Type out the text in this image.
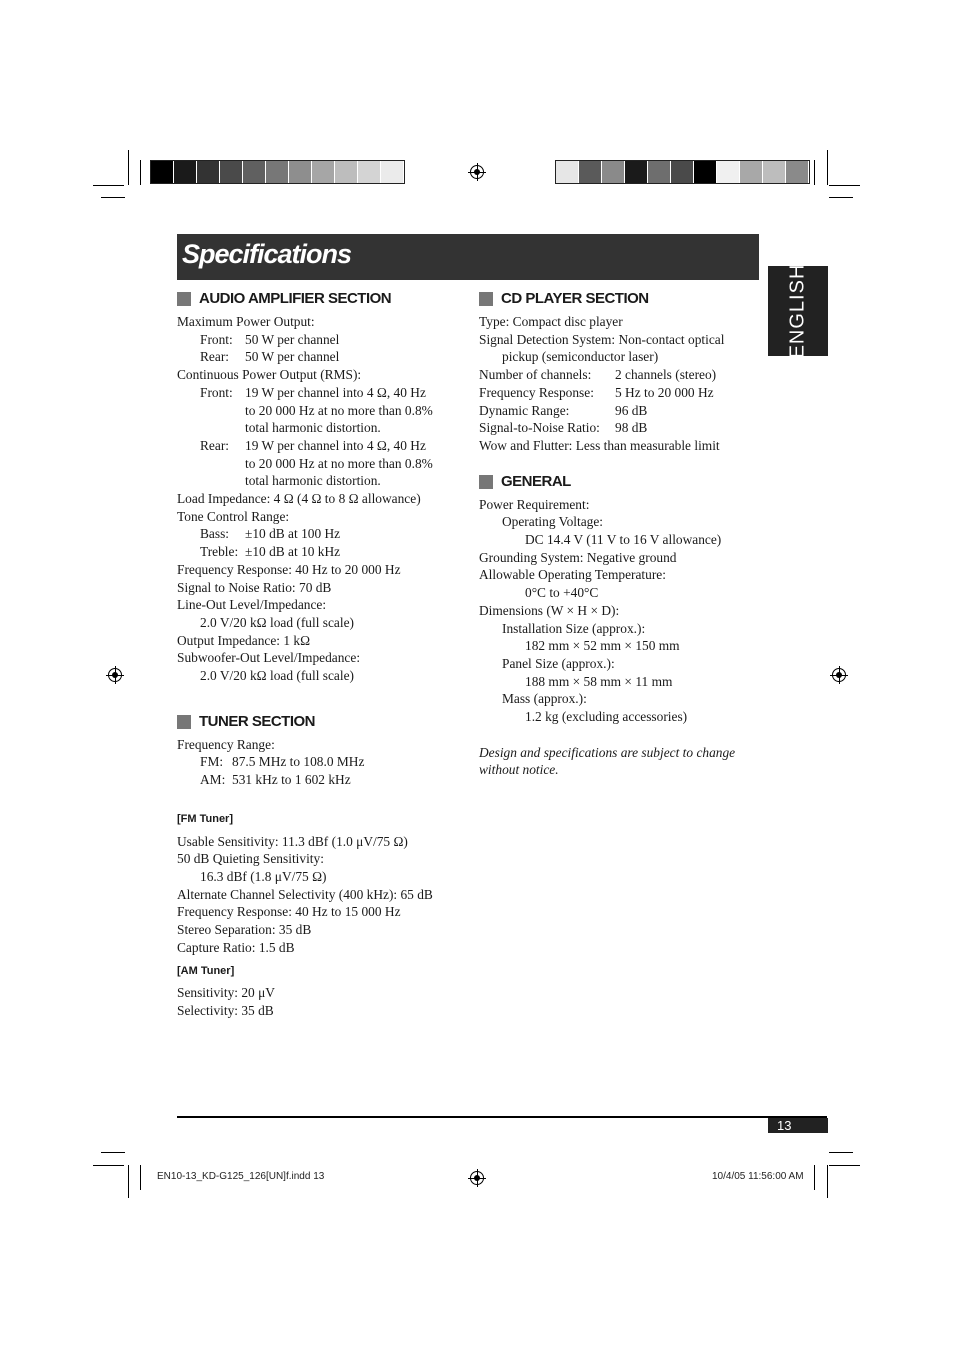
Specifications
ENGLISH
AUDIO AMPLIFIER SECTION
Maximum Power Output:
Front: 50 W per channel
Rear:	50 W per channel
Continuous Power Output (RMS):
Front: 19 W per channel into 4 Ω, 40 Hz
to 20 000 Hz at no more than 0.8%
total harmonic distortion.
Rear:	19 W per channel into 4 Ω, 40 Hz
to 20 000 Hz at no more than 0.8%
total harmonic distortion.
Load Impedance: 4 Ω (4 Ω to 8 Ω allowance)
Tone Control Range:
Bass:	±10 dB at 100 Hz
Treble: ±10 dB at 10 kHz
Frequency Response: 40 Hz to 20 000 Hz
Signal to Noise Ratio: 70 dB
Line-Out Level/Impedance:
2.0 V/20 kΩ load (full scale)
Output Impedance: 1 kΩ
Subwoofer-Out Level/Impedance:
2.0 V/20 kΩ load (full scale)
TUNER SECTION
Frequency Range:
FM: 87.5 MHz to 108.0 MHz
AM: 531 kHz to 1 602 kHz
[FM Tuner]
Usable Sensitivity: 11.3 dBf (1.0 μV/75 Ω)
50 dB Quieting Sensitivity:
16.3 dBf (1.8 μV/75 Ω)
Alternate Channel Selectivity (400 kHz): 65 dB
Frequency Response: 40 Hz to 15 000 Hz
Stereo Separation: 35 dB
Capture Ratio: 1.5 dB
[AM Tuner]
Sensitivity: 20 μV
Selectivity: 35 dB
CD PLAYER SECTION
Type: Compact disc player
Signal Detection System: Non-contact optical
pickup (semiconductor laser)
Number of channels:	2 channels (stereo)
Frequency Response:	5 Hz to 20 000 Hz
Dynamic Range:	96 dB
Signal-to-Noise Ratio:	98 dB
Wow and Flutter: Less than measurable limit
GENERAL
Power Requirement:
Operating Voltage:
DC 14.4 V (11 V to 16 V allowance)
Grounding System: Negative ground
Allowable Operating Temperature:
0°C to +40°C
Dimensions (W × H × D):
Installation Size (approx.):
182 mm × 52 mm × 150 mm
Panel Size (approx.):
188 mm × 58 mm × 11 mm
Mass (approx.):
1.2 kg (excluding accessories)
Design and specifications are subject to change
without notice.
13
EN10-13_KD-G125_126[UN]f.indd 13	10/4/05 11:56:00 AM
